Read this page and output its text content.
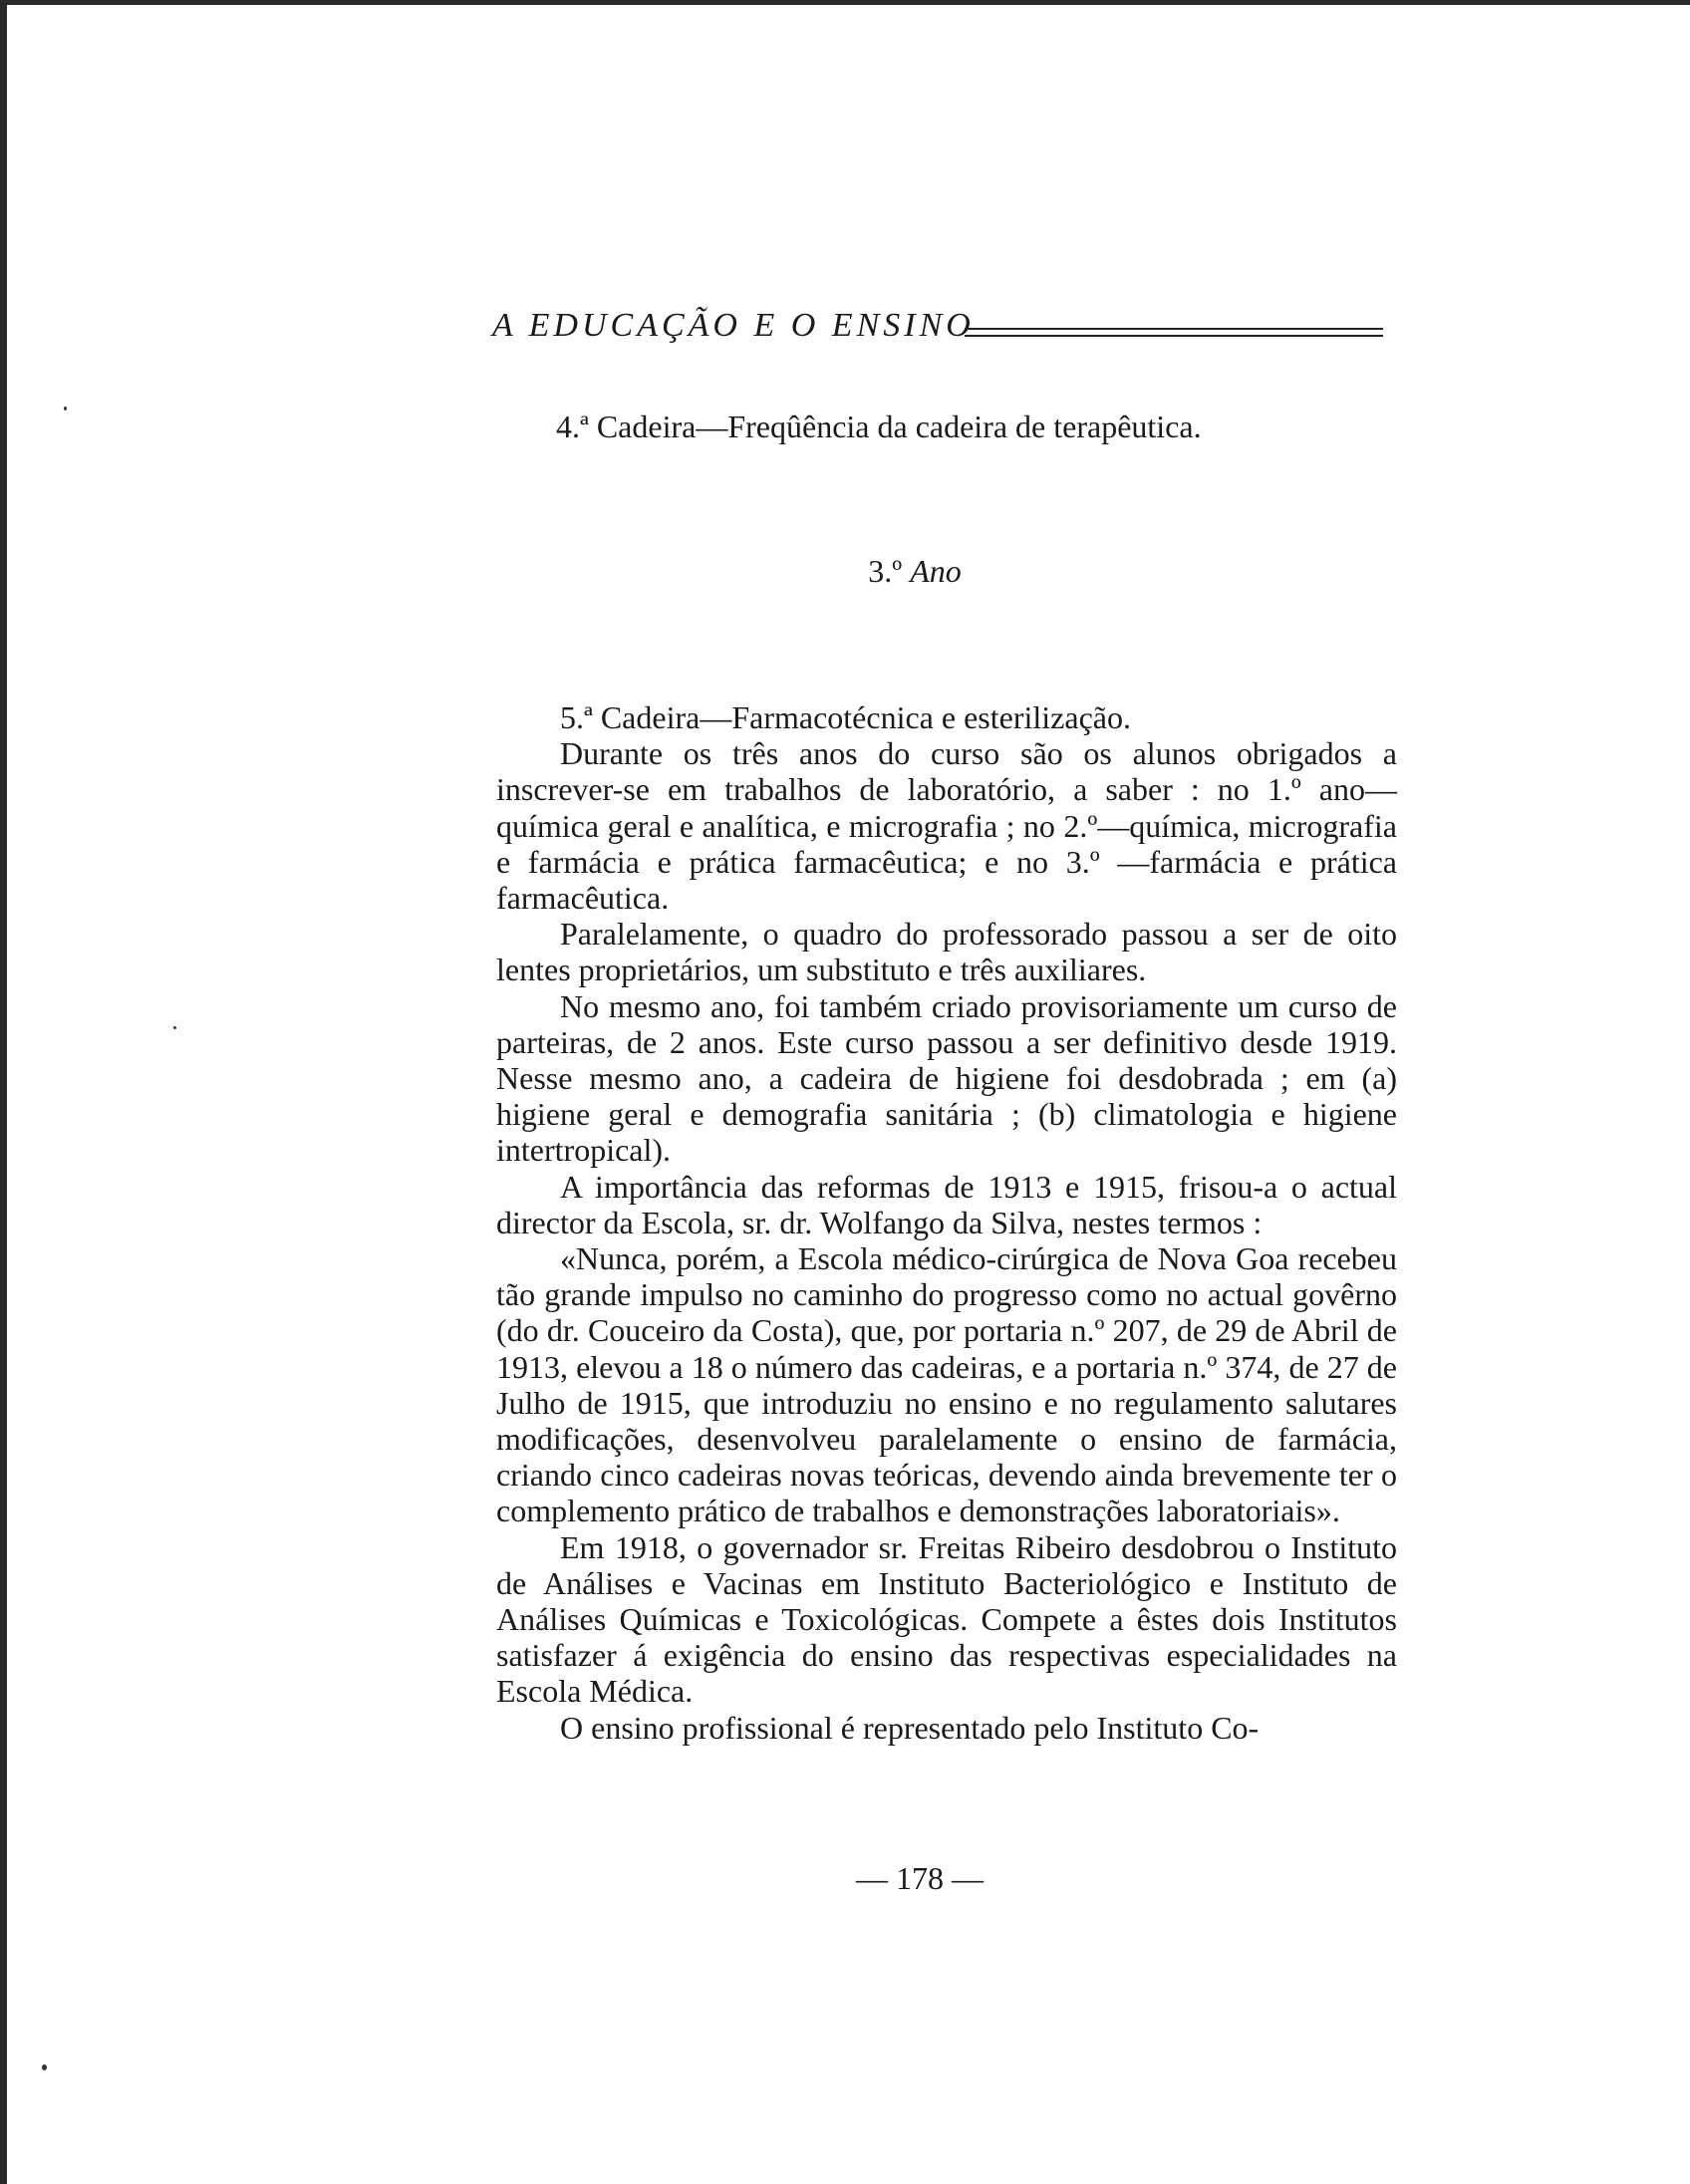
A EDUCAÇÃO E O ENSINO
4.ª Cadeira—Freqûência da cadeira de terapêutica.
3.º Ano

5.ª Cadeira—Farmacotécnica e esterilização.

Durante os três anos do curso são os alunos obrigados a inscrever-se em trabalhos de laboratório, a saber : no 1.º ano—química geral e analítica, e micrografia ; no 2.º—química, micrografia e farmácia e prática farmacêutica; e no 3.º —farmácia e prática farmacêutica.

Paralelamente, o quadro do professorado passou a ser de oito lentes proprietários, um substituto e três auxiliares.

No mesmo ano, foi também criado provisoriamente um curso de parteiras, de 2 anos. Este curso passou a ser definitivo desde 1919. Nesse mesmo ano, a cadeira de higiene foi desdobrada ; em (a) higiene geral e demografia sanitária ; (b) climatologia e higiene intertropical).

A importância das reformas de 1913 e 1915, frisou-a o actual director da Escola, sr. dr. Wolfango da Silva, nestes termos :

«Nunca, porém, a Escola médico-cirúrgica de Nova Goa recebeu tão grande impulso no caminho do progresso como no actual govêrno (do dr. Couceiro da Costa), que, por portaria n.º 207, de 29 de Abril de 1913, elevou a 18 o número das cadeiras, e a portaria n.º 374, de 27 de Julho de 1915, que introduziu no ensino e no regulamento salutares modificações, desenvolveu paralelamente o ensino de farmácia, criando cinco cadeiras novas teóricas, devendo ainda brevemente ter o complemento prático de trabalhos e demonstrações laboratoriais».

Em 1918, o governador sr. Freitas Ribeiro desdobrou o Instituto de Análises e Vacinas em Instituto Bacteriológico e Instituto de Análises Químicas e Toxicológicas. Compete a êstes dois Institutos satisfazer á exigência do ensino das respectivas especialidades na Escola Médica.

O ensino profissional é representado pelo Instituto Co-

— 178 —
